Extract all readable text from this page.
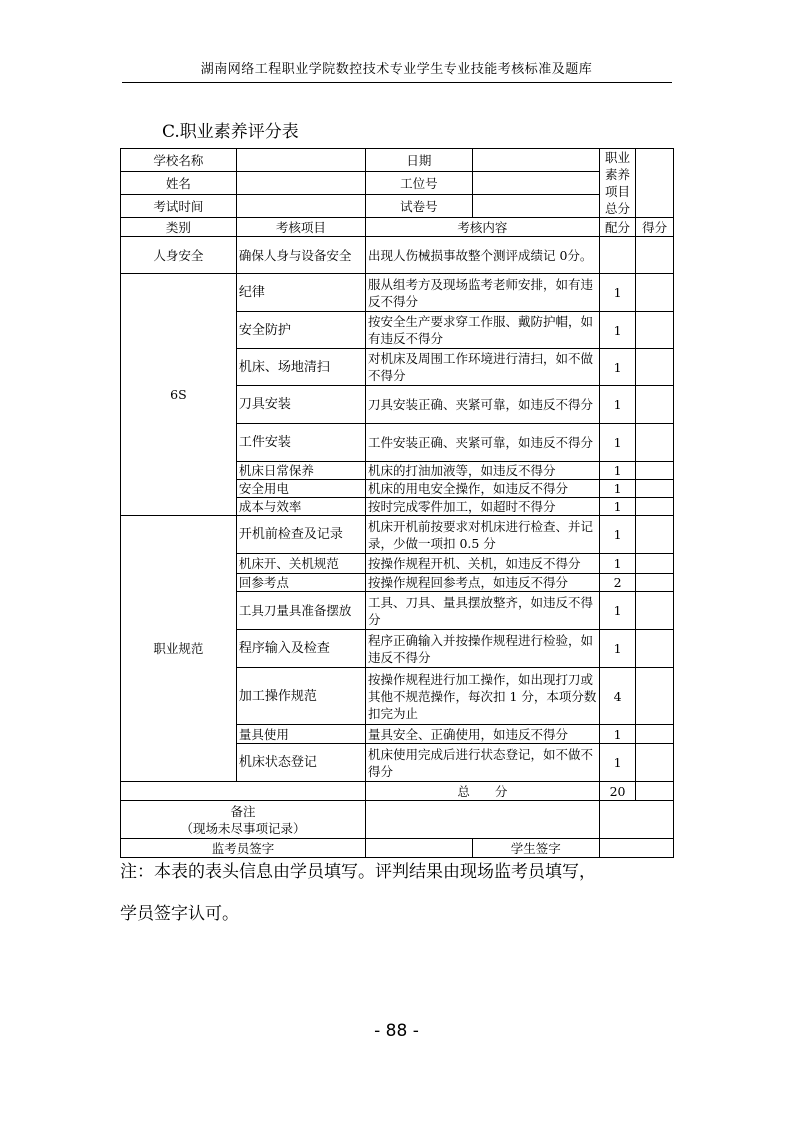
湖南网络工程职业学院数控技术专业学生专业技能考核标准及题库
C.职业素养评分表
学校名称		日期		职业素养项目总分	
姓名		工位号			
考试时间		试卷号			
类别	考核项目	考核内容		配分	得分
人身安全	确保人身与设备安全	出现人伤械损事故整个测评成绩记 0分。			
6S	纪律	服从组考方及现场监考老师安排，如有违反不得分		1	
	安全防护	按安全生产要求穿工作服、戴防护帽，如有违反不得分		1	
	机床、场地清扫	对机床及周围工作环境进行清扫，如不做不得分		1	
	刀具安装	刀具安装正确、夹紧可靠，如违反不得分		1	
	工件安装	工件安装正确、夹紧可靠，如违反不得分		1	
	机床日常保养	机床的打油加液等，如违反不得分		1	
	安全用电	机床的用电安全操作，如违反不得分		1	
	成本与效率	按时完成零件加工，如超时不得分		1	
职业规范	开机前检查及记录	机床开机前按要求对机床进行检查、并记录，少做一项扣 0.5 分		1	
	机床开、关机规范	按操作规程开机、关机，如违反不得分		1	
	回参考点	按操作规程回参考点，如违反不得分		2	
	工具刀量具准备摆放	工具、刀具、量具摆放整齐，如违反不得分		1	
	程序输入及检查	程序正确输入并按操作规程进行检验，如违反不得分		1	
	加工操作规范	按操作规程进行加工操作，如出现打刀或其他不规范操作，每次扣 1 分，本项分数扣完为止		4	
	量具使用	量具安全、正确使用，如违反不得分		1	
	机床状态登记	机床使用完成后进行状态登记，如不做不得分		1	
		总　　分		20	
备注
（现场未尽事项记录）					
监考员签字			学生签字		
注：本表的表头信息由学员填写。评判结果由现场监考员填写，
学员签字认可。
- 88 -
